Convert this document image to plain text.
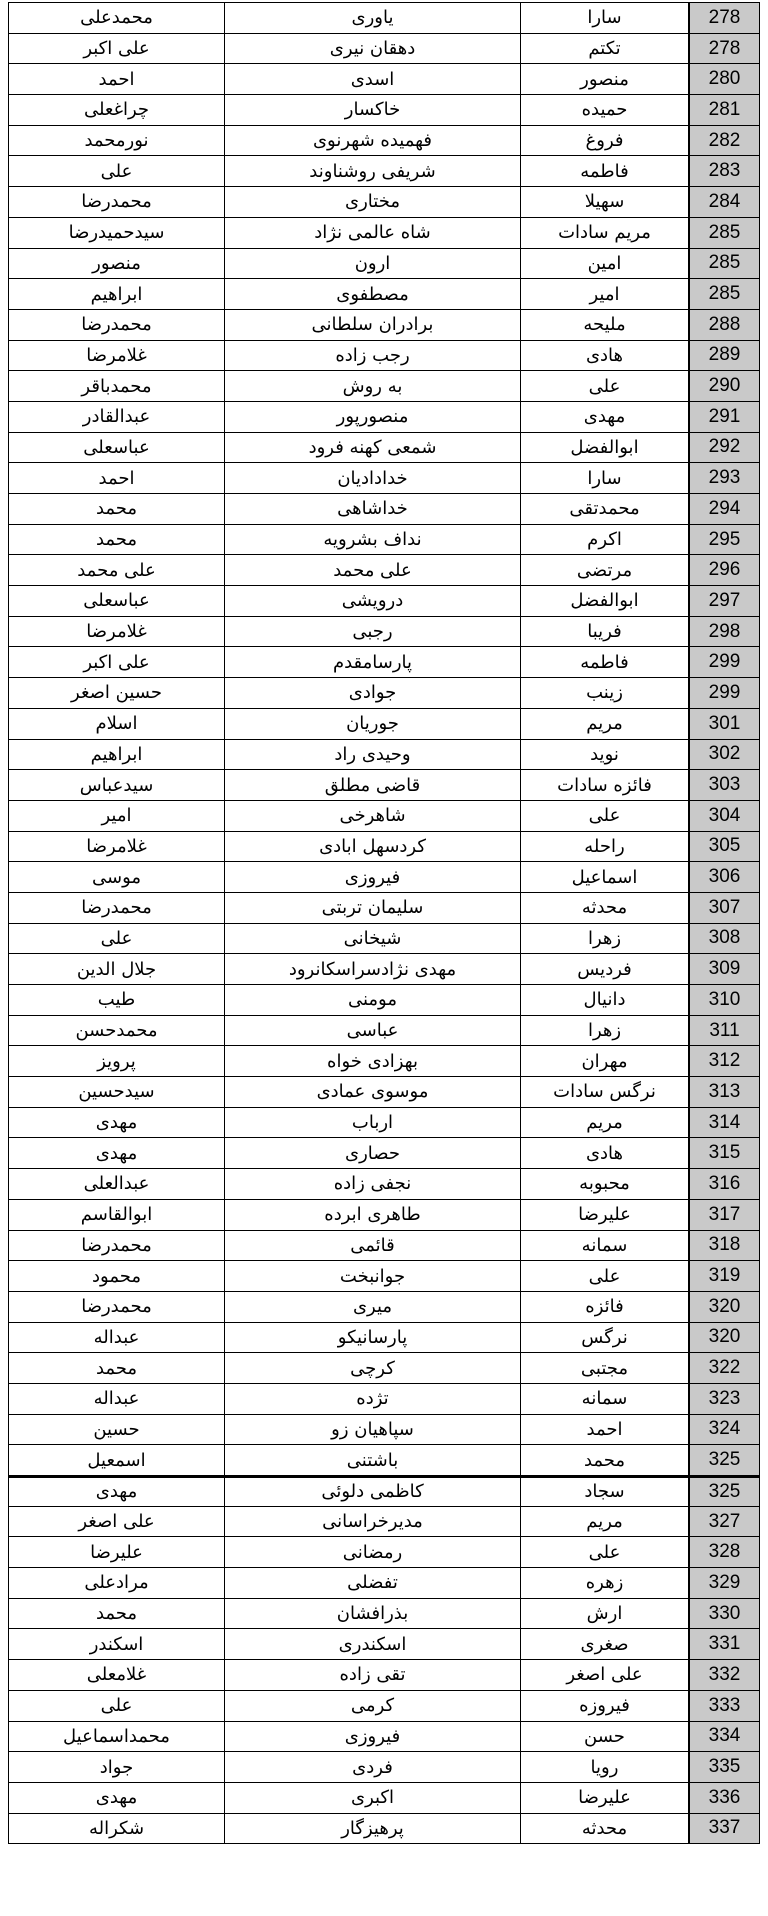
278
سارا
یاوری
محمدعلی
278
تکتم
دهقان نیری
علی اکبر
280
منصور
اسدی
احمد
281
حمیده
خاکسار
چراغعلی
282
فروغ
فهمیده شهرنوی
نورمحمد
283
فاطمه
شریفی روشناوند
علی
284
سهیلا
مختاری
محمدرضا
285
مریم سادات
شاه عالمی نژاد
سیدحمیدرضا
285
امین
ارون
منصور
285
امیر
مصطفوی
ابراهیم
288
ملیحه
برادران سلطانی
محمدرضا
289
هادی
رجب زاده
غلامرضا
290
علی
به روش
محمدباقر
291
مهدی
منصورپور
عبدالقادر
292
ابوالفضل
شمعی کهنه فرود
عباسعلی
293
سارا
خدادادیان
احمد
294
محمدتقی
خداشاهی
محمد
295
اکرم
نداف بشرویه
محمد
296
مرتضی
علی محمد
علی محمد
297
ابوالفضل
درویشی
عباسعلی
298
فریبا
رجبی
غلامرضا
299
فاطمه
پارسامقدم
علی اکبر
299
زینب
جوادی
حسین اصغر
301
مریم
جوریان
اسلام
302
نوید
وحیدی راد
ابراهیم
303
فائزه سادات
قاضی مطلق
سیدعباس
304
علی
شاهرخی
امیر
305
راحله
کردسهل ابادی
غلامرضا
306
اسماعیل
فیروزی
موسی
307
محدثه
سلیمان تربتی
محمدرضا
308
زهرا
شیخانی
علی
309
فردیس
مهدی نژادسراسکانرود
جلال الدین
310
دانیال
مومنی
طیب
311
زهرا
عباسی
محمدحسن
312
مهران
بهزادی خواه
پرویز
313
نرگس سادات
موسوی عمادی
سیدحسین
314
مریم
ارباب
مهدی
315
هادی
حصاری
مهدی
316
محبوبه
نجفی زاده
عبدالعلی
317
علیرضا
طاهری ابرده
ابوالقاسم
318
سمانه
قائمی
محمدرضا
319
علی
جوانبخت
محمود
320
فائزه
میری
محمدرضا
320
نرگس
پارسانیکو
عبداله
322
مجتبی
کرچی
محمد
323
سمانه
تژده
عبداله
324
احمد
سپاهیان زو
حسین
325
محمد
باشتنی
اسمعیل
325
سجاد
کاظمی دلوئی
مهدی
327
مریم
مدیرخراسانی
علی اصغر
328
علی
رمضانی
علیرضا
329
زهره
تفضلی
مرادعلی
330
ارش
بذرافشان
محمد
331
صغری
اسکندری
اسکندر
332
علی اصغر
تقی زاده
غلامعلی
333
فیروزه
کرمی
علی
334
حسن
فیروزی
محمداسماعیل
335
رویا
فردی
جواد
336
علیرضا
اکبری
مهدی
337
محدثه
پرهیزگار
شکراله
